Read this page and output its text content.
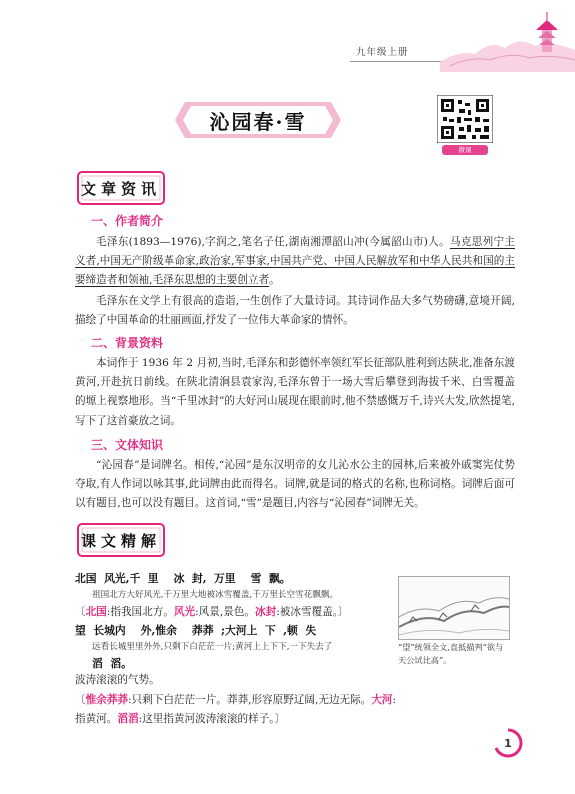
九年级上册
沁园春·雪
微课
文章资讯
一、作者简介
毛泽东(1893—1976),字润之,笔名子任,湖南湘潭韶山冲(今属韶山市)人。马克思列宁主义者,中国无产阶级革命家,政治家,军事家,中国共产党、中国人民解放军和中华人民共和国的主要缔造者和领袖,毛泽东思想的主要创立者。
毛泽东在文学上有很高的造诣,一生创作了大量诗词。其诗词作品大多气势磅礴,意境开阔,描绘了中国革命的壮丽画面,抒发了一位伟大革命家的情怀。
二、背景资料
本词作于 1936 年 2 月初,当时,毛泽东和彭德怀率领红军长征部队胜利到达陕北,准备东渡黄河,开赴抗日前线。在陕北清涧县袁家沟,毛泽东曾于一场大雪后攀登到海拔千米、白雪覆盖的塬上视察地形。当“千里冰封”的大好河山展现在眼前时,他不禁感慨万千,诗兴大发,欣然提笔,写下了这首豪放之词。
三、文体知识
“沁园春”是词牌名。相传,“沁园”是东汉明帝的女儿沁水公主的园林,后来被外戚窦宪仗势夺取,有人作词以咏其事,此词牌由此而得名。词牌,就是词的格式的名称,也称词格。词牌后面可以有题目,也可以没有题目。这首词,“雪”是题目,内容与“沁园春”词牌无关。
课文精解
北国  风光,千  里    冰  封,  万里    雪  飘。
祖国北方大好风光,千万里大地被冰雪覆盖,千万里长空雪花飘飘。
〔北国:指我国北方。风光:风景,景色。冰封:被冰雪覆盖。〕
望  长城内    外,惟余    莽莽  ;大河上  下  ,顿  失
远看长城里里外外,只剩下白茫茫一片;黄河上上下下,一下失去了
滔  滔。
波涛滚滚的气势。
〔惟余莽莽:只剩下白茫茫一片。莽莽,形容原野辽阔,无边无际。大河:
指黄河。滔滔:这里指黄河波涛滚滚的样子。〕
“望”统领全文,直抵描判“欲与天公试比高”。
1
